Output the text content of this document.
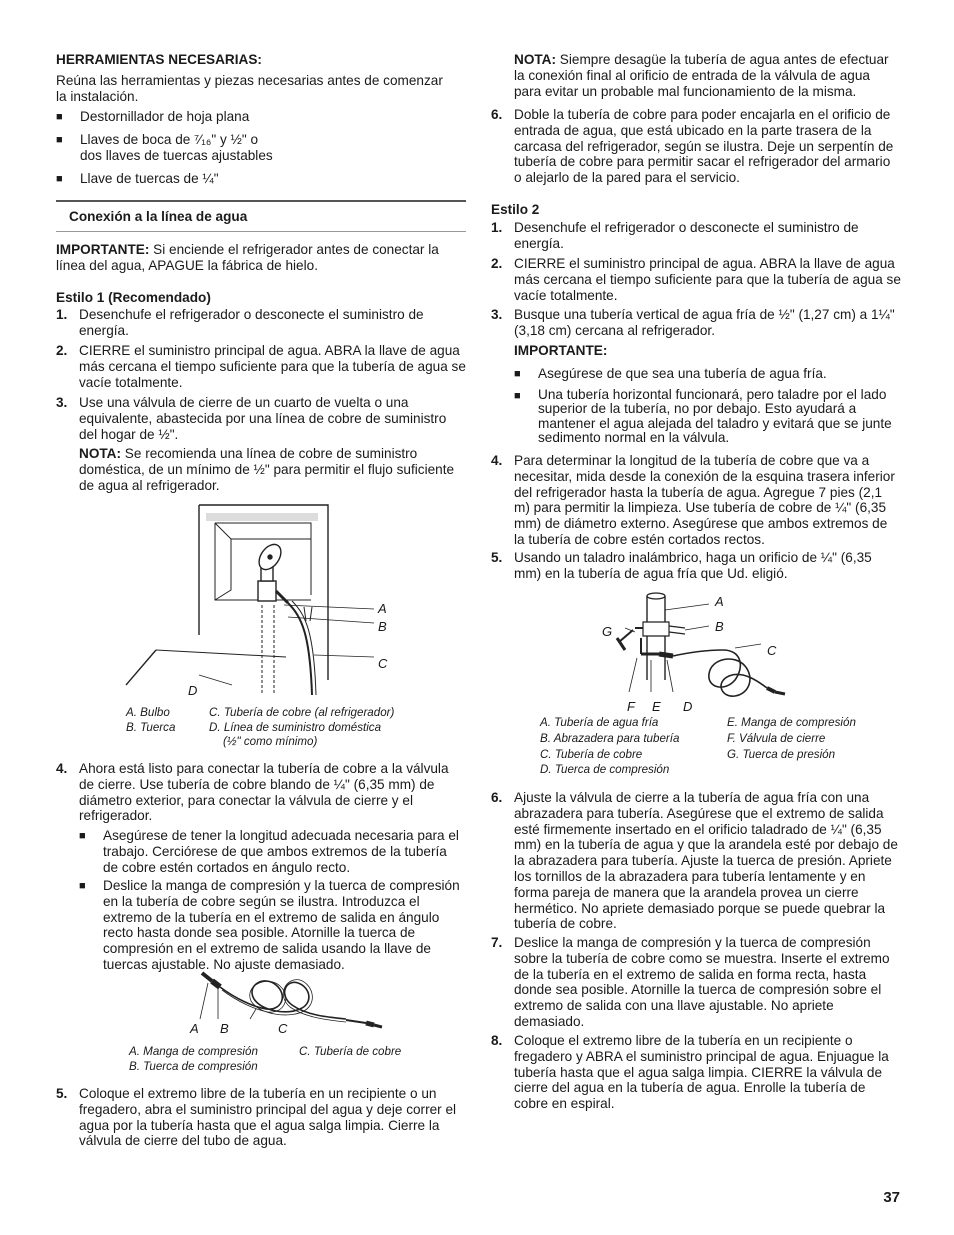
HERRAMIENTAS NECESARIAS:

Reúna las herramientas y piezas necesarias antes de comenzar la instalación.

■ Destornillador de hoja plana
■ Llaves de boca de ⁷⁄₁₆" y ½" o
dos llaves de tuercas ajustables
■ Llave de tuercas de ¼"

Conexión a la línea de agua

IMPORTANTE: Si enciende el refrigerador antes de conectar la línea del agua, APAGUE la fábrica de hielo.

Estilo 1 (Recomendado)

1. Desenchufe el refrigerador o desconecte el suministro de energía.
2. CIERRE el suministro principal de agua. ABRA la llave de agua más cercana el tiempo suficiente para que la tubería de agua se vacíe totalmente.
3. Use una válvula de cierre de un cuarto de vuelta o una equivalente, abastecida por una línea de cobre de suministro del hogar de ½".

NOTA: Se recomienda una línea de cobre de suministro doméstica, de un mínimo de ½" para permitir el flujo suficiente de agua al refrigerador.

A
B
C
D
A. Bulbo
B. Tuerca
C. Tubería de cobre (al refrigerador)
D. Línea de suministro doméstica
(½" como mínimo)
4. Ahora está listo para conectar la tubería de cobre a la válvula de cierre. Use tubería de cobre blando de ¼" (6,35 mm) de diámetro exterior, para conectar la válvula de cierre y el refrigerador.
■ Asegúrese de tener la longitud adecuada necesaria para el trabajo. Cerciórese de que ambos extremos de la tubería de cobre estén cortados en ángulo recto.
■ Deslice la manga de compresión y la tuerca de compresión en la tubería de cobre según se ilustra. Introduzca el extremo de la tubería en el extremo de salida en ángulo recto hasta donde sea posible. Atornille la tuerca de compresión en el extremo de salida usando la llave de tuercas ajustable. No ajuste demasiado.
A B	C
A. Manga de compresión
B. Tuerca de compresión
C. Tubería de cobre
5. Coloque el extremo libre de la tubería en un recipiente o un fregadero, abra el suministro principal del agua y deje correr el agua por la tubería hasta que el agua salga limpia. Cierre la válvula de cierre del tubo de agua.

NOTA: Siempre desagüe la tubería de agua antes de efectuar la conexión final al orificio de entrada de la válvula de agua para evitar un probable mal funcionamiento de la misma.

6. Doble la tubería de cobre para poder encajarla en el orificio de entrada de agua, que está ubicado en la parte trasera de la carcasa del refrigerador, según se ilustra. Deje un serpentín de tubería de cobre para permitir sacar el refrigerador del armario o alejarlo de la pared para el servicio.

Estilo 2

1. Desenchufe el refrigerador o desconecte el suministro de energía.
2. CIERRE el suministro principal de agua. ABRA la llave de agua más cercana el tiempo suficiente para que la tubería de agua se vacíe totalmente.
3. Busque una tubería vertical de agua fría de ½" (1,27 cm) a 1¼" (3,18 cm) cercana al refrigerador.

IMPORTANTE:

■ Asegúrese de que sea una tubería de agua fría.
■ Una tubería horizontal funcionará, pero taladre por el lado superior de la tubería, no por debajo. Esto ayudará a mantener el agua alejada del taladro y evitará que se junte sedimento normal en la válvula.
4. Para determinar la longitud de la tubería de cobre que va a necesitar, mida desde la conexión de la esquina trasera inferior del refrigerador hasta la tubería de agua. Agregue 7 pies (2,1 m) para permitir la limpieza. Use tubería de cobre de ¼" (6,35 mm) de diámetro externo. Asegúrese que ambos extremos de la tubería de cobre estén cortados rectos.
5. Usando un taladro inalámbrico, haga un orificio de ¼" (6,35 mm) en la tubería de agua fría que Ud. eligió.
A
B
C
G
F E D
A. Tubería de agua fría
B. Abrazadera para tubería
C. Tubería de cobre
D. Tuerca de compresión
E. Manga de compresión
F. Válvula de cierre
G. Tuerca de presión
6. Ajuste la válvula de cierre a la tubería de agua fría con una abrazadera para tubería. Asegúrese que el extremo de salida esté firmemente insertado en el orificio taladrado de ¼" (6,35 mm) en la tubería de agua y que la arandela esté por debajo de la abrazadera para tubería. Ajuste la tuerca de presión. Apriete los tornillos de la abrazadera para tubería lentamente y en forma pareja de manera que la arandela provea un cierre hermético. No apriete demasiado porque se puede quebrar la tubería de cobre.
7. Deslice la manga de compresión y la tuerca de compresión sobre la tubería de cobre como se muestra. Inserte el extremo de la tubería en el extremo de salida en forma recta, hasta donde sea posible. Atornille la tuerca de compresión sobre el extremo de salida con una llave ajustable. No apriete demasiado.
8. Coloque el extremo libre de la tubería en un recipiente o fregadero y ABRA el suministro principal de agua. Enjuague la tubería hasta que el agua salga limpia. CIERRE la válvula de cierre del agua en la tubería de agua. Enrolle la tubería de cobre en espiral.
37
